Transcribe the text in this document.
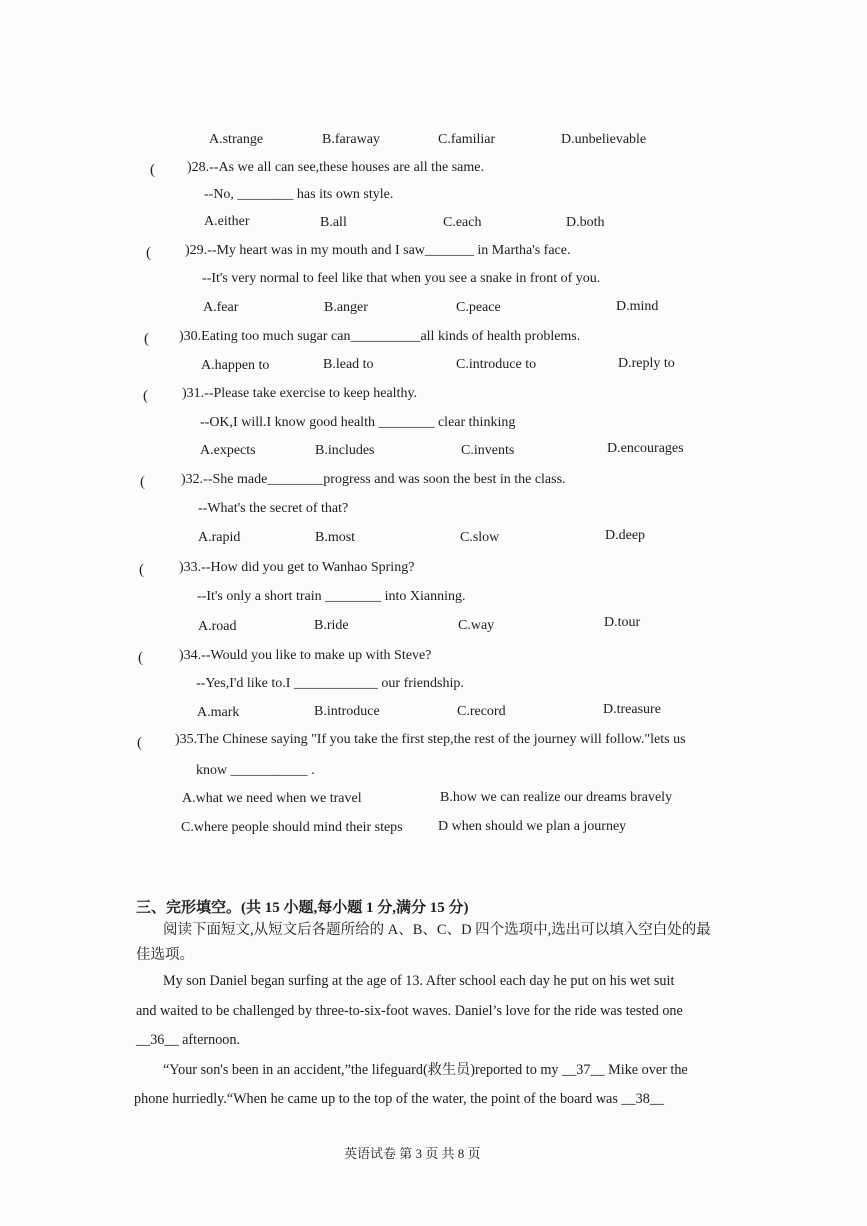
A.strange	B.faraway	C.familiar	D.unbelievable
( )28.--As we all can see,these houses are all the same.
--No, ________ has its own style.
A.either	B.all	C.each	D.both
( )29.--My heart was in my mouth and I saw_______ in Martha's face.
--It's very normal to feel like that when you see a snake in front of you.
A.fear	B.anger	C.peace	D.mind
( )30.Eating too much sugar can__________all kinds of health problems.
A.happen to	B.lead to	C.introduce to	D.reply to
( )31.--Please take exercise to keep healthy.
--OK,I will.I know good health ________ clear thinking
A.expects	B.includes	C.invents	D.encourages
(	)32.--She made________progress and was soon the best in the class.
--What's the secret of that?
A.rapid	B.most	C.slow	D.deep
(	)33.--How did you get to Wanhao Spring?
--It's only a short train ________ into Xianning.
A.road	B.ride	C.way	D.tour
(	)34.--Would you like to make up with Steve?
--Yes,I'd like to.I ____________ our friendship.
A.mark	B.introduce	C.record	D.treasure
( )35.The Chinese saying "If you take the first step,the rest of the journey will follow."lets us
know ___________ .
A.what we need when we travel	B.how we can realize our dreams bravely
C.where people should mind their steps	D when should we plan a journey
三、完形填空。(共 15 小题,每小题 1 分,满分 15 分)
阅读下面短文,从短文后各题所给的 A、B、C、D 四个选项中,选出可以填入空白处的最
佳选项。
My son Daniel began surfing at the age of 13. After school each day he put on his wet suit
and waited to be challenged by three-to-six-foot waves. Daniel’s love for the ride was tested one
__36__ afternoon.
“Your son's been in an accident,”the lifeguard(救生员)reported to my __37__ Mike over the
phone hurriedly.“When he came up to the top of the water, the point of the board was __38__
英语试卷 第 3 页 共 8 页
